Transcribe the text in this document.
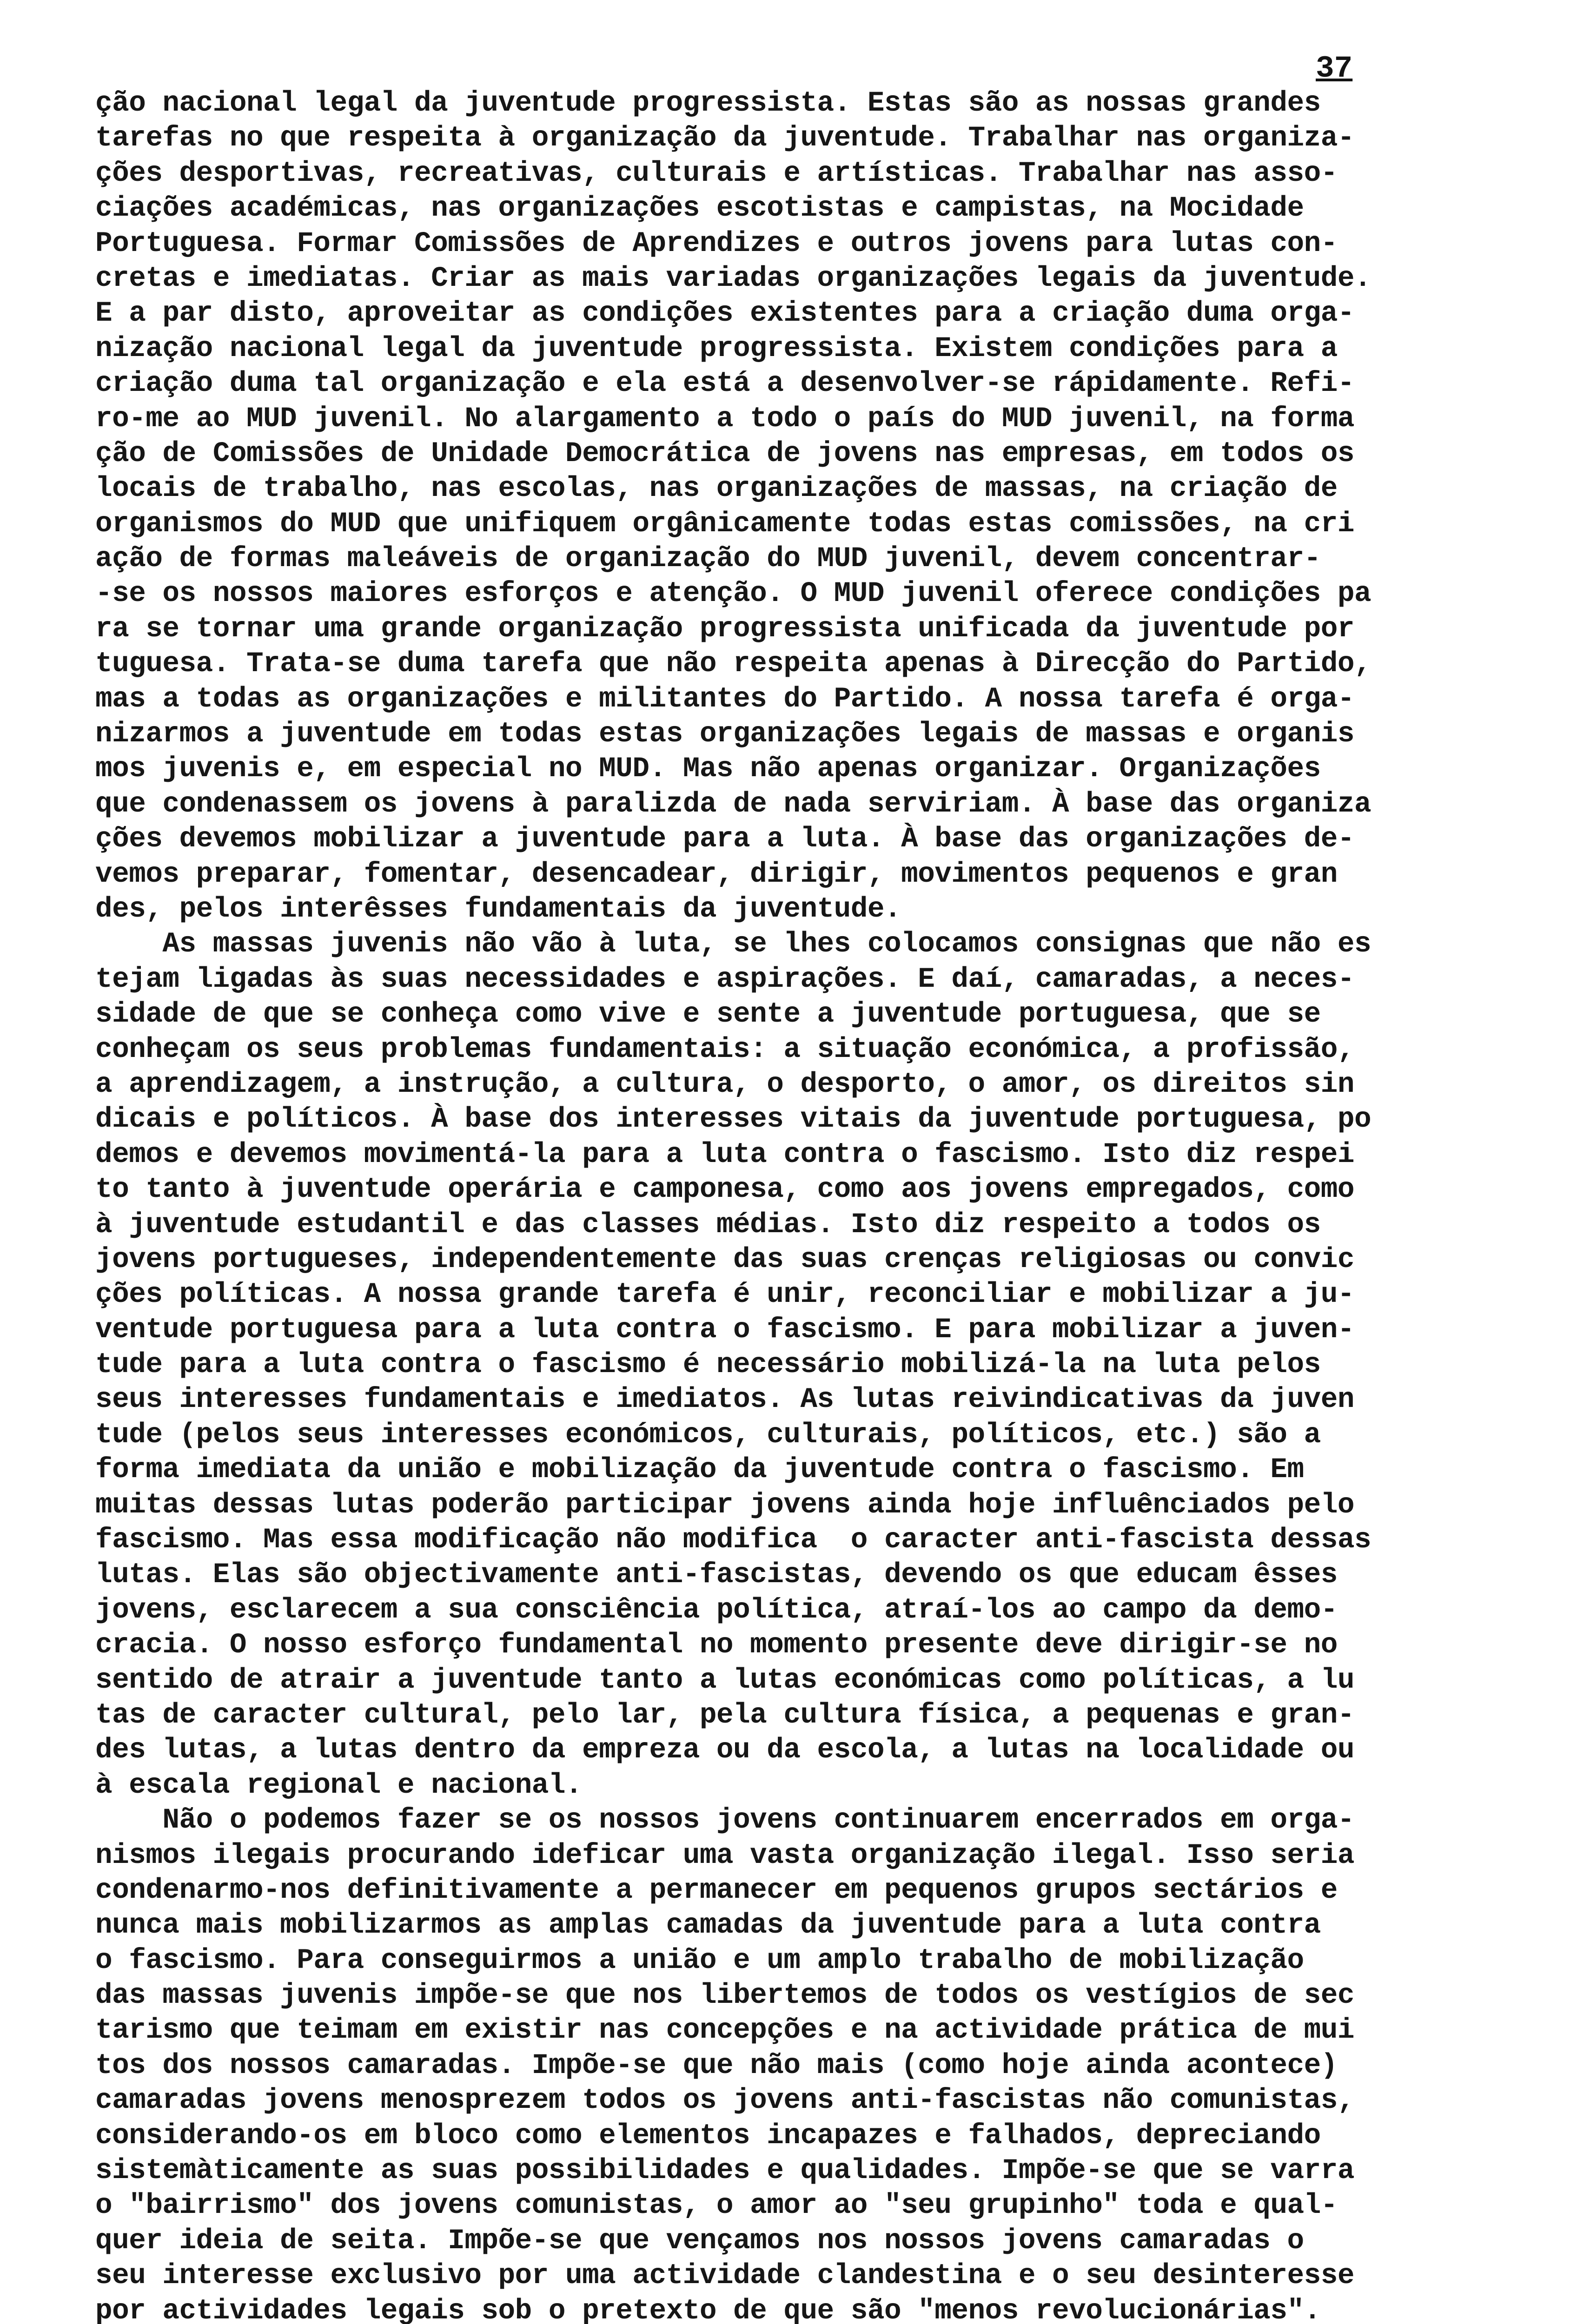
37
ção nacional legal da juventude progressista. Estas são as nossas grandes
tarefas no que respeita à organização da juventude. Trabalhar nas organiza-
ções desportivas, recreativas, culturais e artísticas. Trabalhar nas asso-
ciações académicas, nas organizações escotistas e campistas, na Mocidade
Portuguesa. Formar Comissões de Aprendizes e outros jovens para lutas con-
cretas e imediatas. Criar as mais variadas organizações legais da juventude.
E a par disto, aproveitar as condições existentes para a criação duma orga-
nização nacional legal da juventude progressista. Existem condições para a
criação duma tal organização e ela está a desenvolver-se rápidamente. Refi-
ro-me ao MUD juvenil. No alargamento a todo o país do MUD juvenil, na forma
ção de Comissões de Unidade Democrática de jovens nas empresas, em todos os
locais de trabalho, nas escolas, nas organizações de massas, na criação de
organismos do MUD que unifiquem orgânicamente todas estas comissões, na cri
ação de formas maleáveis de organização do MUD juvenil, devem concentrar-
-se os nossos maiores esforços e atenção. O MUD juvenil oferece condições pa
ra se tornar uma grande organização progressista unificada da juventude por
tuguesa. Trata-se duma tarefa que não respeita apenas à Direcção do Partido,
mas a todas as organizações e militantes do Partido. A nossa tarefa é orga-
nizarmos a juventude em todas estas organizações legais de massas e organis
mos juvenis e, em especial no MUD. Mas não apenas organizar. Organizações
que condenassem os jovens à paralizda de nada serviriam. À base das organiza
ções devemos mobilizar a juventude para a luta. À base das organizações de-
vemos preparar, fomentar, desencadear, dirigir, movimentos pequenos e gran
des, pelos interêsses fundamentais da juventude.
As massas juvenis não vão à luta, se lhes colocamos consignas que não es
tejam ligadas às suas necessidades e aspirações. E daí, camaradas, a neces-
sidade de que se conheça como vive e sente a juventude portuguesa, que se
conheçam os seus problemas fundamentais: a situação económica, a profissão,
a aprendizagem, a instrução, a cultura, o desporto, o amor, os direitos sin
dicais e políticos. À base dos interesses vitais da juventude portuguesa, po
demos e devemos movimentá-la para a luta contra o fascismo. Isto diz respei
to tanto à juventude operária e camponesa, como aos jovens empregados, como
à juventude estudantil e das classes médias. Isto diz respeito a todos os
jovens portugueses, independentemente das suas crenças religiosas ou convic
ções políticas. A nossa grande tarefa é unir, reconciliar e mobilizar a ju-
ventude portuguesa para a luta contra o fascismo. E para mobilizar a juven-
tude para a luta contra o fascismo é necessário mobilizá-la na luta pelos
seus interesses fundamentais e imediatos. As lutas reivindicativas da juven
tude (pelos seus interesses económicos, culturais, políticos, etc.) são a
forma imediata da união e mobilização da juventude contra o fascismo. Em
muitas dessas lutas poderão participar jovens ainda hoje influênciados pelo
fascismo. Mas essa modificação não modifica  o caracter anti-fascista dessas
lutas. Elas são objectivamente anti-fascistas, devendo os que educam êsses
jovens, esclarecem a sua consciência política, atraí-los ao campo da demo-
cracia. O nosso esforço fundamental no momento presente deve dirigir-se no
sentido de atrair a juventude tanto a lutas económicas como políticas, a lu
tas de caracter cultural, pelo lar, pela cultura física, a pequenas e gran-
des lutas, a lutas dentro da empreza ou da escola, a lutas na localidade ou
à escala regional e nacional.
Não o podemos fazer se os nossos jovens continuarem encerrados em orga-
nismos ilegais procurando ideficar uma vasta organização ilegal. Isso seria
condenarmo-nos definitivamente a permanecer em pequenos grupos sectários e
nunca mais mobilizarmos as amplas camadas da juventude para a luta contra
o fascismo. Para conseguirmos a união e um amplo trabalho de mobilização
das massas juvenis impõe-se que nos libertemos de todos os vestígios de sec
tarismo que teimam em existir nas concepções e na actividade prática de mui
tos dos nossos camaradas. Impõe-se que não mais (como hoje ainda acontece)
camaradas jovens menosprezem todos os jovens anti-fascistas não comunistas,
considerando-os em bloco como elementos incapazes e falhados, depreciando
sistemàticamente as suas possibilidades e qualidades. Impõe-se que se varra
o "bairrismo" dos jovens comunistas, o amor ao "seu grupinho" toda e qual-
quer ideia de seita. Impõe-se que vençamos nos nossos jovens camaradas o
seu interesse exclusivo por uma actividade clandestina e o seu desinteresse
por actividades legais sob o pretexto de que são "menos revolucionárias".
